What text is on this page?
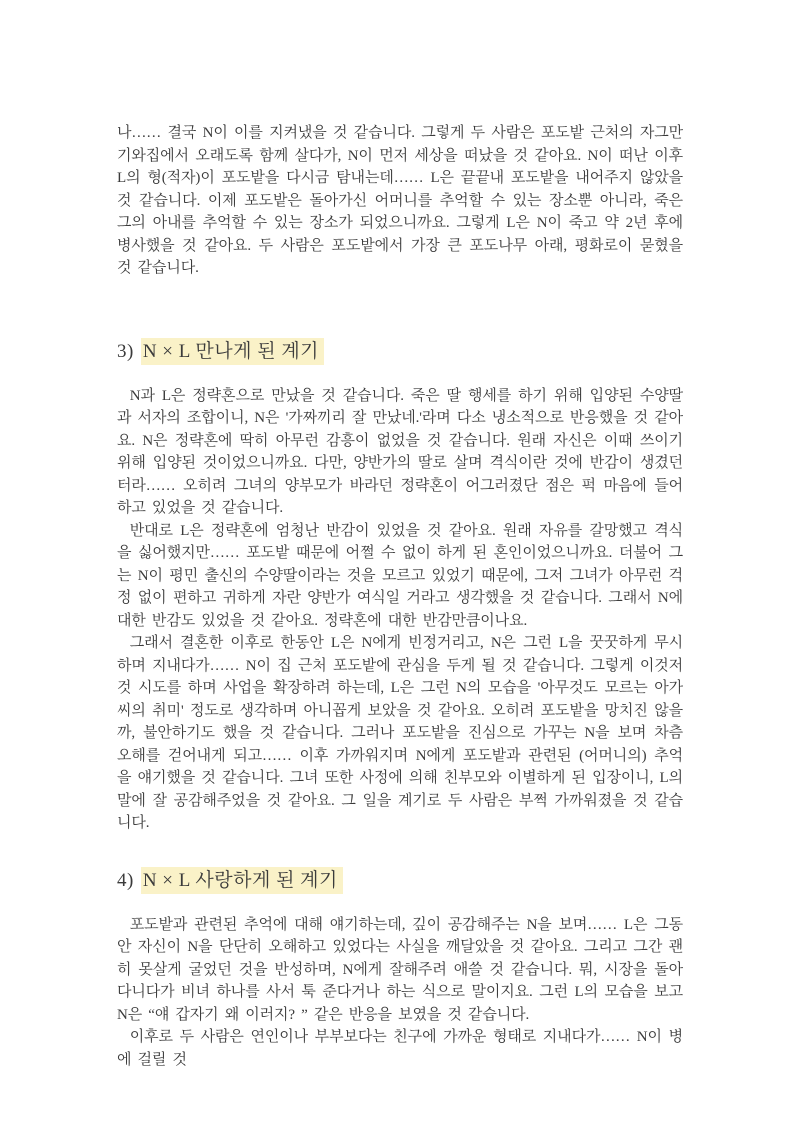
나…… 결국 N이 이를 지켜냈을 것 같습니다. 그렇게 두 사람은 포도밭 근처의 자그만 기와집에서 오래도록 함께 살다가, N이 먼저 세상을 떠났을 것 같아요. N이 떠난 이후 L의 형(적자)이 포도밭을 다시금 탐내는데…… L은 끝끝내 포도밭을 내어주지 않았을 것 같습니다. 이제 포도밭은 돌아가신 어머니를 추억할 수 있는 장소뿐 아니라, 죽은 그의 아내를 추억할 수 있는 장소가 되었으니까요. 그렇게 L은 N이 죽고 약 2년 후에 병사했을 것 같아요. 두 사람은 포도밭에서 가장 큰 포도나무 아래, 평화로이 묻혔을 것 같습니다.

3) N × L 만나게 된 계기

N과 L은 정략혼으로 만났을 것 같습니다. 죽은 딸 행세를 하기 위해 입양된 수양딸과 서자의 조합이니, N은 '가짜끼리 잘 만났네.'라며 다소 냉소적으로 반응했을 것 같아요. N은 정략혼에 딱히 아무런 감흥이 없었을 것 같습니다. 원래 자신은 이때 쓰이기 위해 입양된 것이었으니까요. 다만, 양반가의 딸로 살며 격식이란 것에 반감이 생겼던 터라…… 오히려 그녀의 양부모가 바라던 정략혼이 어그러졌단 점은 퍽 마음에 들어 하고 있었을 것 같습니다.

반대로 L은 정략혼에 엄청난 반감이 있었을 것 같아요. 원래 자유를 갈망했고 격식을 싫어했지만…… 포도밭 때문에 어쩔 수 없이 하게 된 혼인이었으니까요. 더불어 그는 N이 평민 출신의 수양딸이라는 것을 모르고 있었기 때문에, 그저 그녀가 아무런 걱정 없이 편하고 귀하게 자란 양반가 여식일 거라고 생각했을 것 같습니다. 그래서 N에 대한 반감도 있었을 것 같아요. 정략혼에 대한 반감만큼이나요.

그래서 결혼한 이후로 한동안 L은 N에게 빈정거리고, N은 그런 L을 꿋꿋하게 무시하며 지내다가…… N이 집 근처 포도밭에 관심을 두게 될 것 같습니다. 그렇게 이것저것 시도를 하며 사업을 확장하려 하는데, L은 그런 N의 모습을 '아무것도 모르는 아가씨의 취미' 정도로 생각하며 아니꼽게 보았을 것 같아요. 오히려 포도밭을 망치진 않을까, 불안하기도 했을 것 같습니다. 그러나 포도밭을 진심으로 가꾸는 N을 보며 차츰 오해를 걷어내게 되고…… 이후 가까워지며 N에게 포도밭과 관련된 (어머니의) 추억을 얘기했을 것 같습니다. 그녀 또한 사정에 의해 친부모와 이별하게 된 입장이니, L의 말에 잘 공감해주었을 것 같아요. 그 일을 계기로 두 사람은 부쩍 가까워졌을 것 같습니다.

4) N × L 사랑하게 된 계기

포도밭과 관련된 추억에 대해 얘기하는데, 깊이 공감해주는 N을 보며…… L은 그동안 자신이 N을 단단히 오해하고 있었다는 사실을 깨달았을 것 같아요. 그리고 그간 괜히 못살게 굴었던 것을 반성하며, N에게 잘해주려 애쓸 것 같습니다. 뭐, 시장을 돌아다니다가 비녀 하나를 사서 툭 준다거나 하는 식으로 말이지요. 그런 L의 모습을 보고 N은 “얘 갑자기 왜 이러지? ” 같은 반응을 보였을 것 같습니다.

이후로 두 사람은 연인이나 부부보다는 친구에 가까운 형태로 지내다가…… N이 병에 걸릴 것
